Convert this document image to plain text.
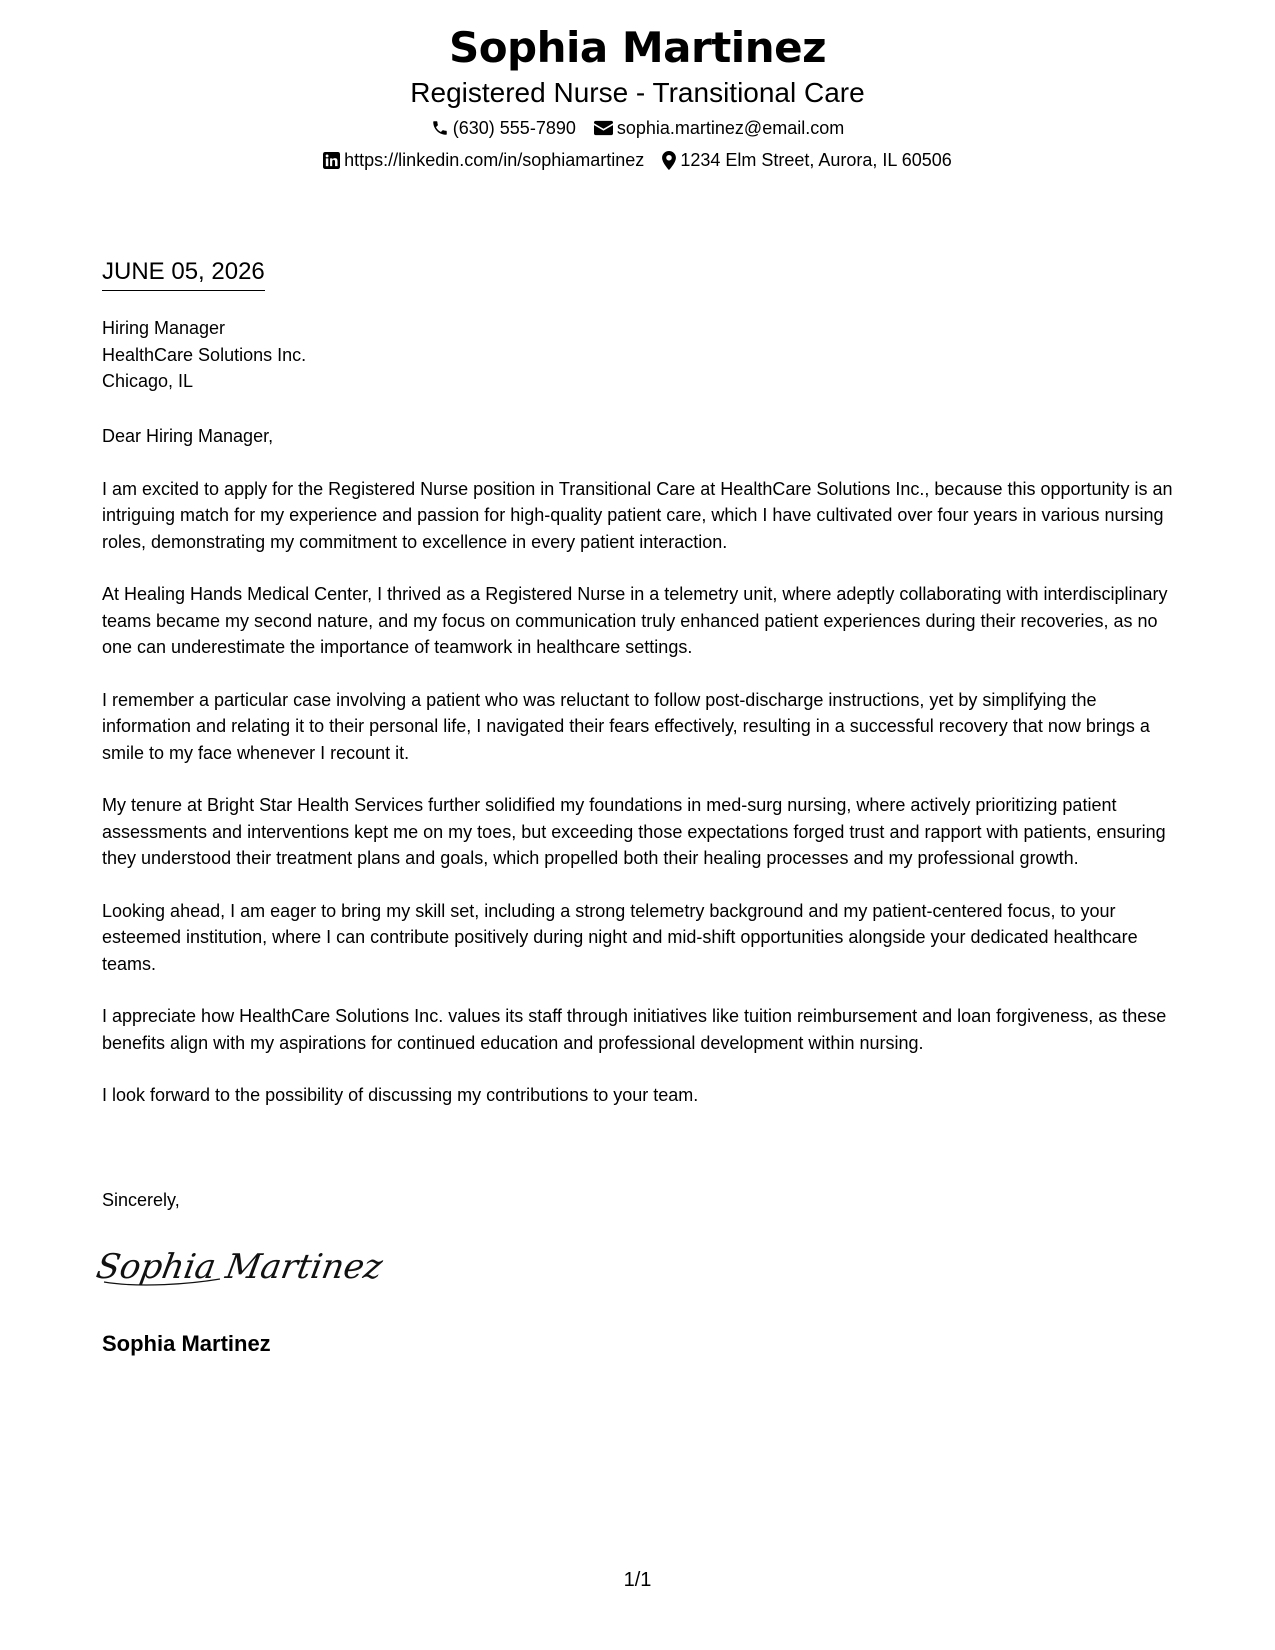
Sophia Martinez
Registered Nurse - Transitional Care
(630) 555-7890 sophia.martinez@email.com
https://linkedin.com/in/sophiamartinez 1234 Elm Street, Aurora, IL 60506
JUNE 05, 2026
Hiring Manager
HealthCare Solutions Inc.
Chicago, IL

Dear Hiring Manager,

I am excited to apply for the Registered Nurse position in Transitional Care at HealthCare Solutions Inc., because this opportunity is an intriguing match for my experience and passion for high-quality patient care, which I have cultivated over four years in various nursing roles, demonstrating my commitment to excellence in every patient interaction.

At Healing Hands Medical Center, I thrived as a Registered Nurse in a telemetry unit, where adeptly collaborating with interdisciplinary teams became my second nature, and my focus on communication truly enhanced patient experiences during their recoveries, as no one can underestimate the importance of teamwork in healthcare settings.

I remember a particular case involving a patient who was reluctant to follow post-discharge instructions, yet by simplifying the information and relating it to their personal life, I navigated their fears effectively, resulting in a successful recovery that now brings a smile to my face whenever I recount it.

My tenure at Bright Star Health Services further solidified my foundations in med-surg nursing, where actively prioritizing patient assessments and interventions kept me on my toes, but exceeding those expectations forged trust and rapport with patients, ensuring they understood their treatment plans and goals, which propelled both their healing processes and my professional growth.

Looking ahead, I am eager to bring my skill set, including a strong telemetry background and my patient-centered focus, to your esteemed institution, where I can contribute positively during night and mid-shift opportunities alongside your dedicated healthcare teams.

I appreciate how HealthCare Solutions Inc. values its staff through initiatives like tuition reimbursement and loan forgiveness, as these benefits align with my aspirations for continued education and professional development within nursing.

I look forward to the possibility of discussing my contributions to your team.

Sincerely,
Sophia Martinez
Sophia Martinez
1/1
